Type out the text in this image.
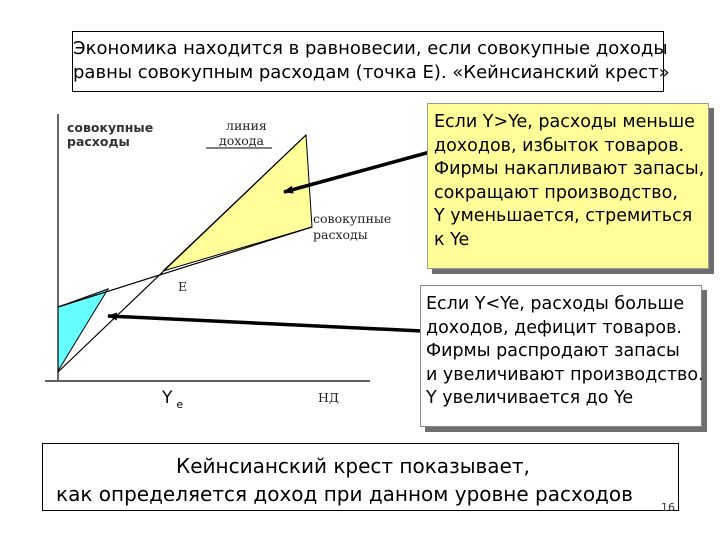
Экономика находится в равновесии, если совокупные доходы
равны совокупным расходам (точка Е). «Кейнсианский крест»
совокупные
расходы
линия
дохода
совокупные
расходы
E
Y $_e$	НД
Если Y>Ye, расходы меньше
доходов, избыток товаров.
Фирмы накапливают запасы,
сокращают производство,
Y уменьшается, стремиться
к Ye
Если Y<Ye, расходы больше
доходов, дефицит товаров.
Фирмы распродают запасы
и увеличивают производство.
Y увеличивается до Ye
Кейнсианский крест показывает,
как определяется доход при данном уровне расходов
16
